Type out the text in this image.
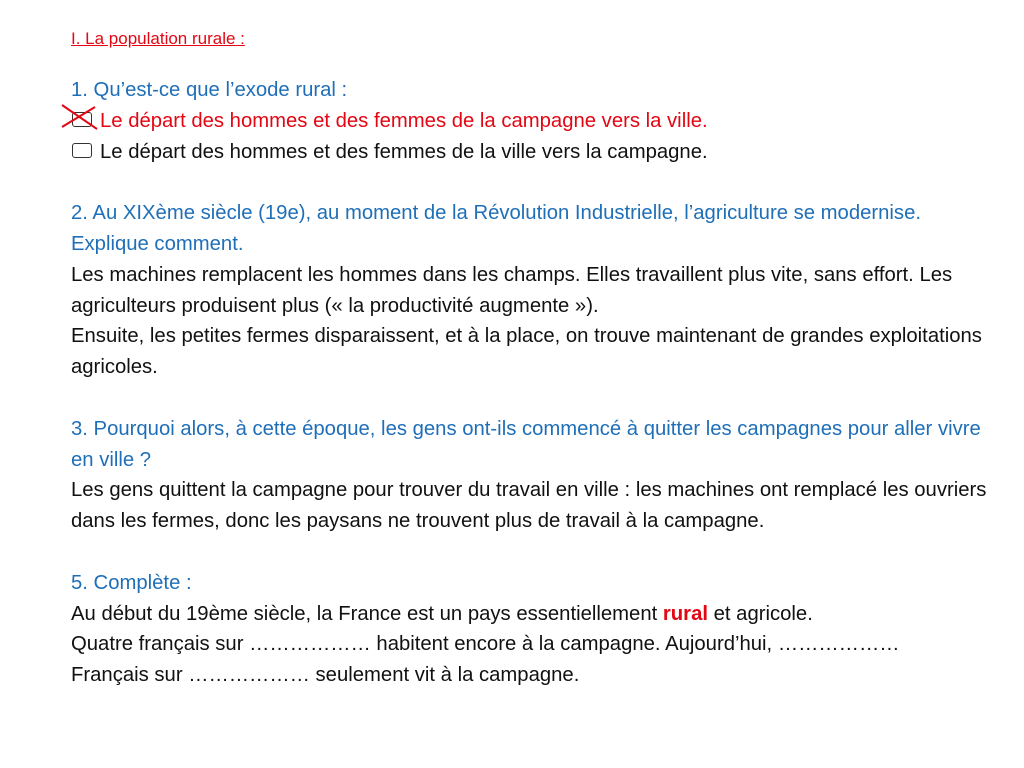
I. La population rurale :
1. Qu’est-ce que l’exode rural :
Le départ des hommes et des femmes de la campagne vers la ville.
Le départ des hommes et des femmes de la ville vers la campagne.
2. Au XIXème siècle (19e), au moment de la Révolution Industrielle, l’agriculture se modernise. Explique comment.
Les machines remplacent les hommes dans les champs. Elles travaillent plus vite, sans effort. Les agriculteurs produisent plus (« la productivité augmente »).
Ensuite, les petites fermes disparaissent, et à la place, on trouve maintenant de grandes exploitations agricoles.
3. Pourquoi alors, à cette époque, les gens ont-ils commencé à quitter les campagnes pour aller vivre en ville ?
Les gens quittent la campagne pour trouver du travail en ville : les machines ont remplacé les ouvriers dans les fermes, donc les paysans ne trouvent plus de travail à la campagne.
5. Complète :
Au début du 19ème siècle, la France est un pays essentiellement rural et agricole.
Quatre français sur ……………… habitent encore à la campagne. Aujourd’hui, ………………
Français sur ……………… seulement vit à la campagne.
